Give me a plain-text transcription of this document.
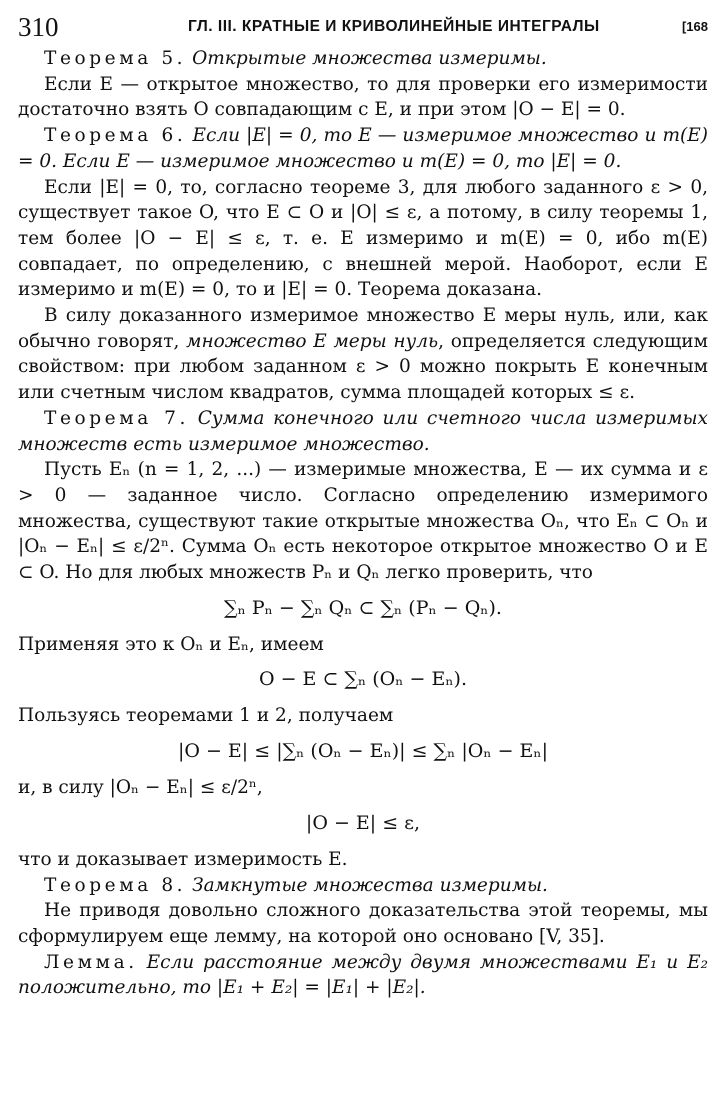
310	ГЛ. III. КРАТНЫЕ И КРИВОЛИНЕЙНЫЕ ИНТЕГРАЛЫ	[168

Теорема 5. Открытые множества измеримы.

Если E — открытое множество, то для проверки его измеримости достаточно взять O совпадающим с E, и при этом |O − E| = 0.

Теорема 6. Если |E| = 0, то E — измеримое множество и m(E) = 0. Если E — измеримое множество и m(E) = 0, то |E| = 0.

Если |E| = 0, то, согласно теореме 3, для любого заданного ε > 0, существует такое O, что E ⊂ O и |O| ≤ ε, а потому, в силу теоремы 1, тем более |O − E| ≤ ε, т. е. E измеримо и m(E) = 0, ибо m(E) совпадает, по определению, с внешней мерой. Наоборот, если E измеримо и m(E) = 0, то и |E| = 0. Теорема доказана.

В силу доказанного измеримое множество E меры нуль, или, как обычно говорят, множество E меры нуль, определяется следующим свойством: при любом заданном ε > 0 можно покрыть E конечным или счетным числом квадратов, сумма площадей которых ≤ ε.

Теорема 7. Сумма конечного или счетного числа измеримых множеств есть измеримое множество.

Пусть Eₙ (n = 1, 2, ...) — измеримые множества, E — их сумма и ε > 0 — заданное число. Согласно определению измеримого множества, существуют такие открытые множества Oₙ, что Eₙ ⊂ Oₙ и |Oₙ − Eₙ| ≤ ε/2ⁿ. Сумма Oₙ есть некоторое открытое множество O и E ⊂ O. Но для любых множеств Pₙ и Qₙ легко проверить, что

∑ₙ Pₙ − ∑ₙ Qₙ ⊂ ∑ₙ (Pₙ − Qₙ).

Применяя это к Oₙ и Eₙ, имеем

O − E ⊂ ∑ₙ (Oₙ − Eₙ).

Пользуясь теоремами 1 и 2, получаем

|O − E| ≤ |∑ₙ (Oₙ − Eₙ)| ≤ ∑ₙ |Oₙ − Eₙ|

и, в силу |Oₙ − Eₙ| ≤ ε/2ⁿ,

|O − E| ≤ ε,

что и доказывает измеримость E.

Теорема 8. Замкнутые множества измеримы.

Не приводя довольно сложного доказательства этой теоремы, мы сформулируем еще лемму, на которой оно основано [V, 35].

Лемма. Если расстояние между двумя множествами E₁ и E₂ положительно, то |E₁ + E₂| = |E₁| + |E₂|.
